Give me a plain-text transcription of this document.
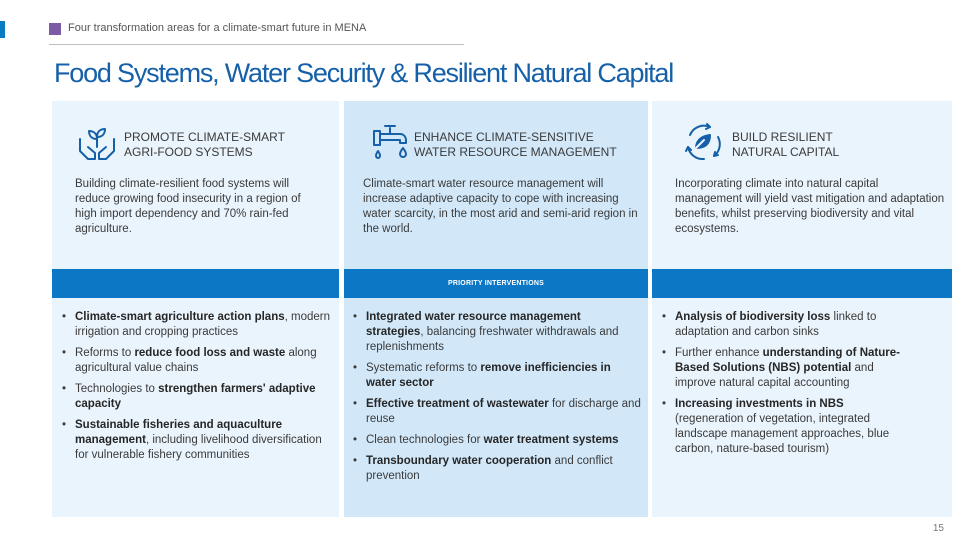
Four transformation areas for a climate-smart future in MENA
Food Systems, Water Security & Resilient Natural Capital
PRIORITY INTERVENTIONS
PROMOTE CLIMATE-SMART
AGRI-FOOD SYSTEMS
Building climate-resilient food systems will reduce growing food insecurity in a region of high import dependency and 70% rain-fed agriculture.
• Climate-smart agriculture action plans, modern irrigation and cropping practices
• Reforms to reduce food loss and waste along agricultural value chains
• Technologies to strengthen farmers' adaptive capacity
• Sustainable fisheries and aquaculture management, including livelihood diversification for vulnerable fishery communities
ENHANCE CLIMATE-SENSITIVE
WATER RESOURCE MANAGEMENT
Climate-smart water resource management will increase adaptive capacity to cope with increasing water scarcity, in the most arid and semi-arid region in the world.
• Integrated water resource management strategies, balancing freshwater withdrawals and replenishments
• Systematic reforms to remove inefficiencies in water sector
• Effective treatment of wastewater for discharge and reuse
• Clean technologies for water treatment systems
• Transboundary water cooperation and conflict prevention
BUILD RESILIENT
NATURAL CAPITAL
Incorporating climate into natural capital management will yield vast mitigation and adaptation benefits, whilst preserving biodiversity and vital ecosystems.
• Analysis of biodiversity loss linked to adaptation and carbon sinks
• Further enhance understanding of Nature-Based Solutions (NBS) potential and improve natural capital accounting
• Increasing investments in NBS (regeneration of vegetation, integrated landscape management approaches, blue carbon, nature-based tourism)
15
